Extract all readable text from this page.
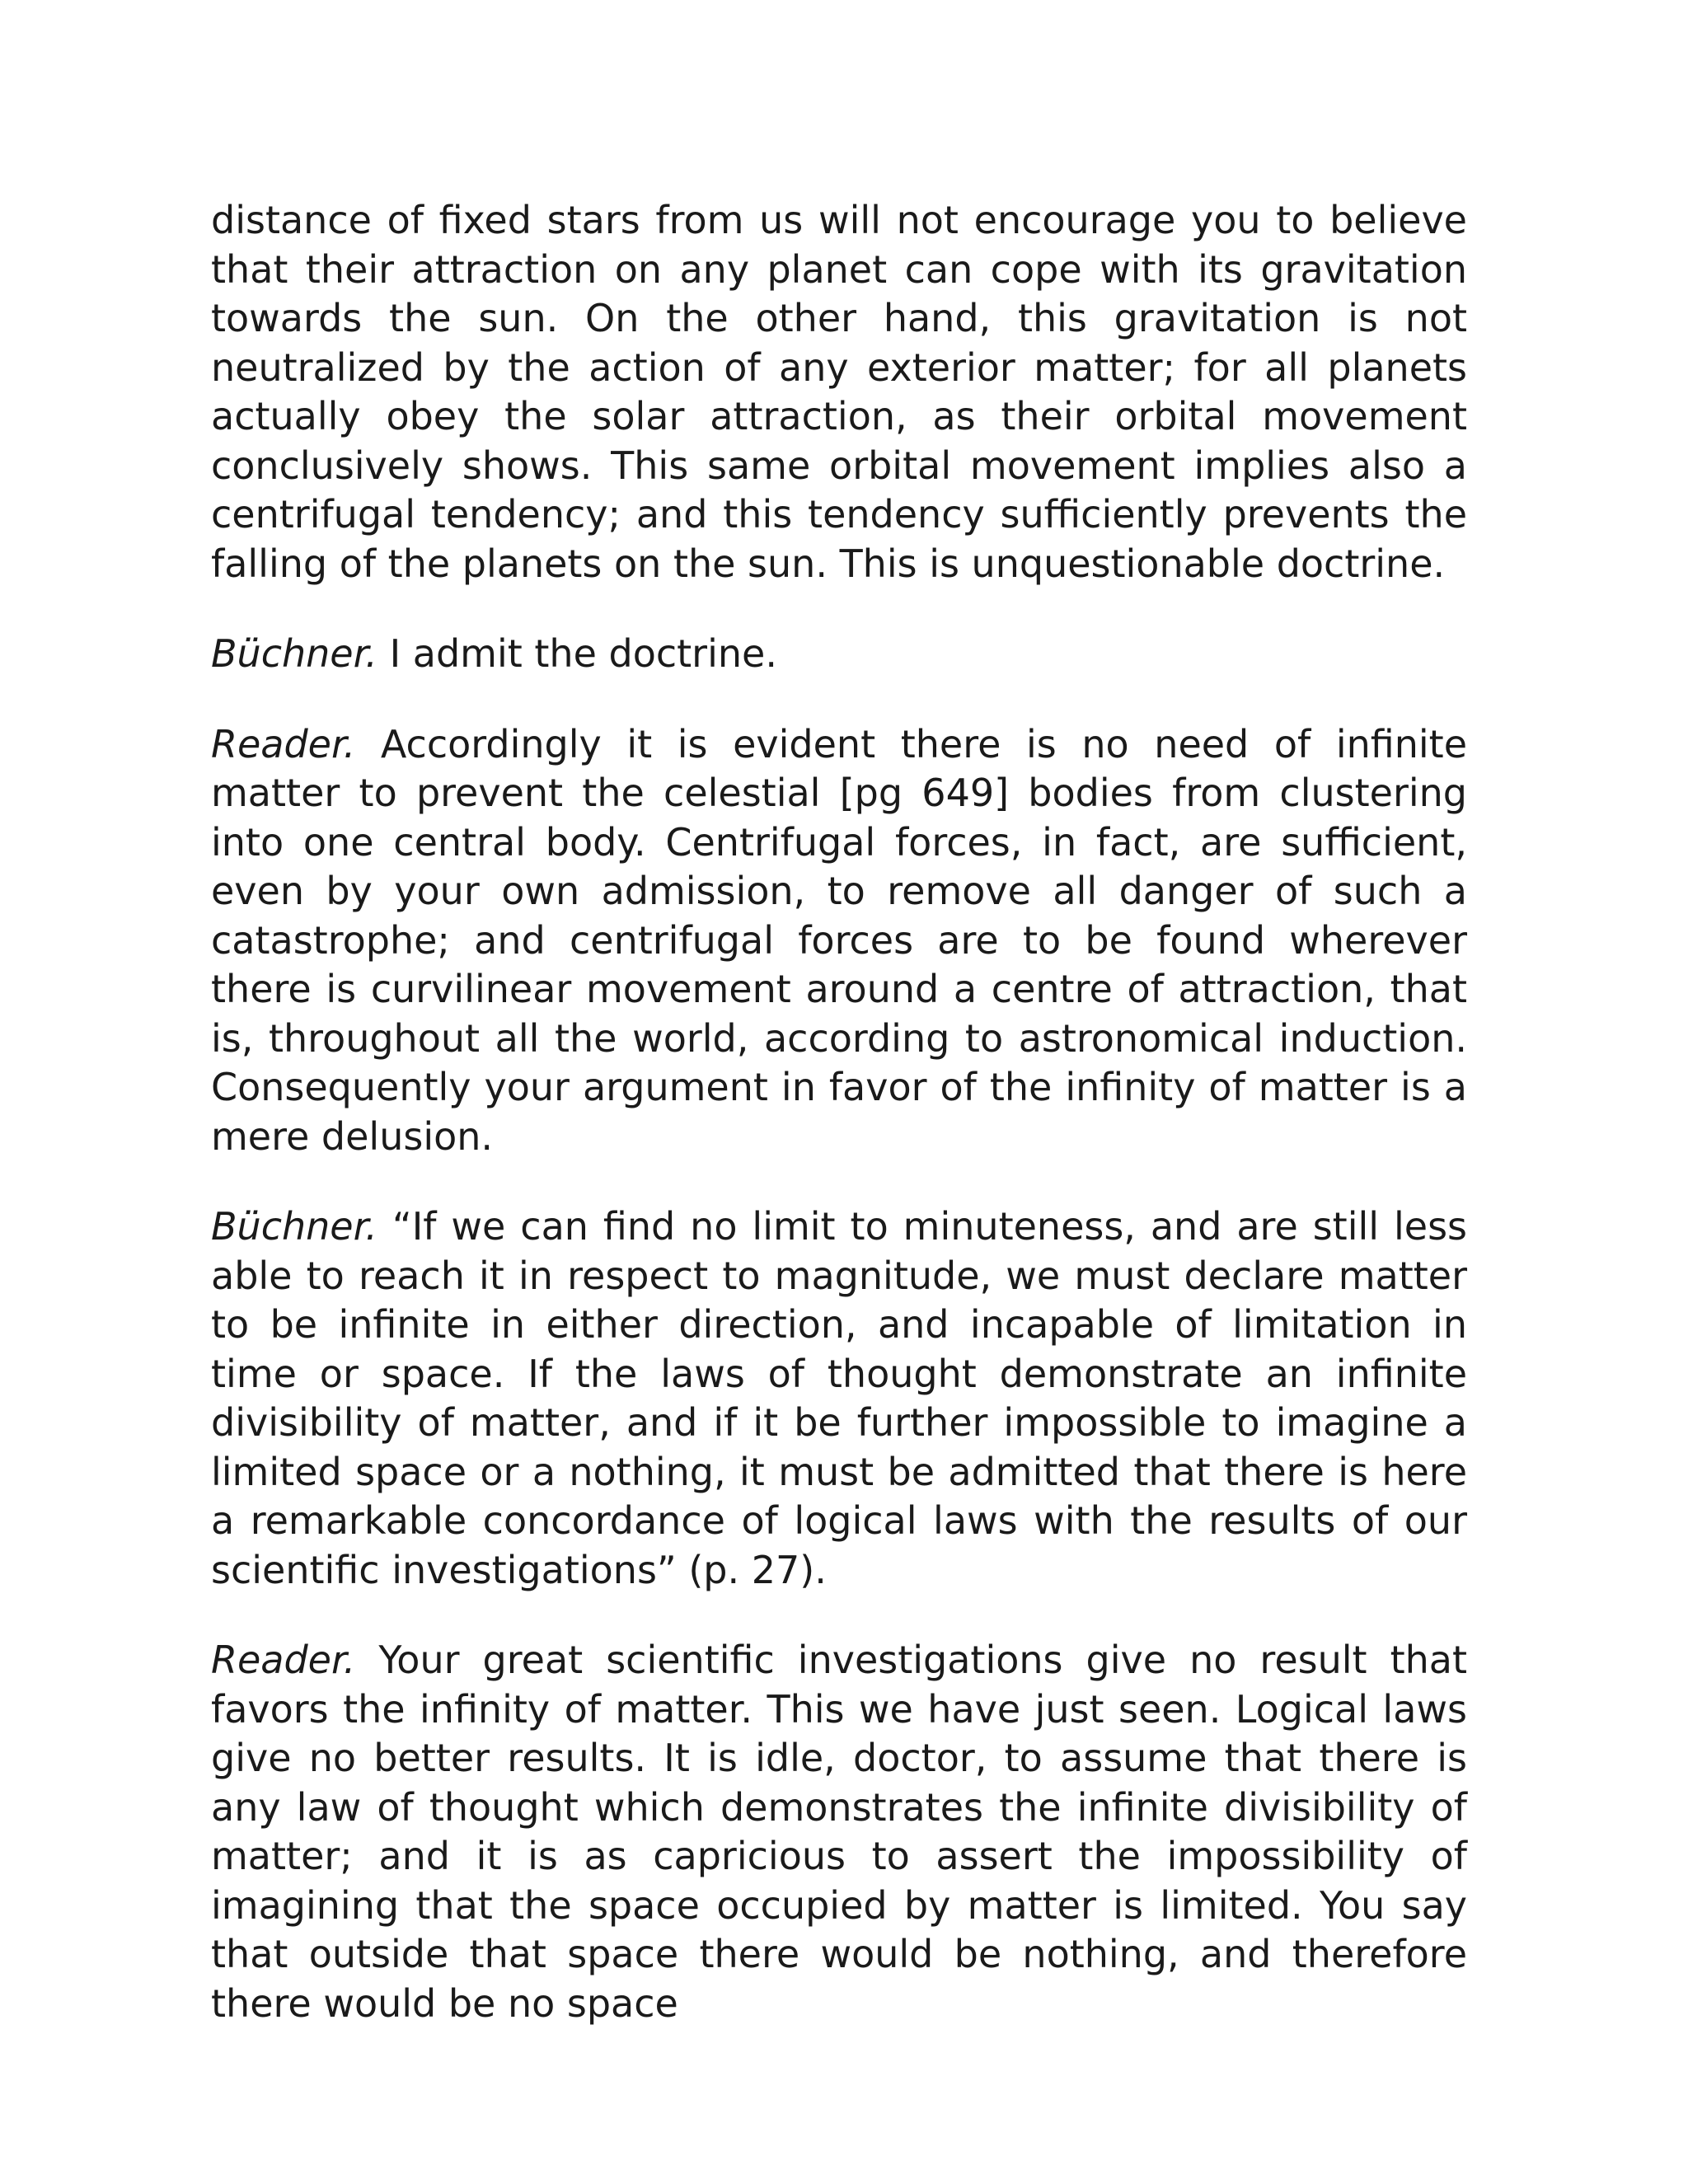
distance of fixed stars from us will not encourage you to believe that their attraction on any planet can cope with its gravitation towards the sun. On the other hand, this gravitation is not neutralized by the action of any exterior matter; for all planets actually obey the solar attraction, as their orbital movement conclusively shows. This same orbital movement implies also a centrifugal tendency; and this tendency sufficiently prevents the falling of the planets on the sun. This is unquestionable doctrine.

Büchner. I admit the doctrine.

Reader. Accordingly it is evident there is no need of infinite matter to prevent the celestial [pg 649] bodies from clustering into one central body. Centrifugal forces, in fact, are sufficient, even by your own admission, to remove all danger of such a catastrophe; and centrifugal forces are to be found wherever there is curvilinear movement around a centre of attraction, that is, throughout all the world, according to astronomical induction. Consequently your argument in favor of the infinity of matter is a mere delusion.

Büchner. “If we can find no limit to minuteness, and are still less able to reach it in respect to magnitude, we must declare matter to be infinite in either direction, and incapable of limitation in time or space. If the laws of thought demonstrate an infinite divisibility of matter, and if it be further impossible to imagine a limited space or a nothing, it must be admitted that there is here a remarkable concordance of logical laws with the results of our scientific investigations” (p. 27).

Reader. Your great scientific investigations give no result that favors the infinity of matter. This we have just seen. Logical laws give no better results. It is idle, doctor, to assume that there is any law of thought which demonstrates the infinite divisibility of matter; and it is as capricious to assert the impossibility of imagining that the space occupied by matter is limited. You say that outside that space there would be nothing, and therefore there would be no space
